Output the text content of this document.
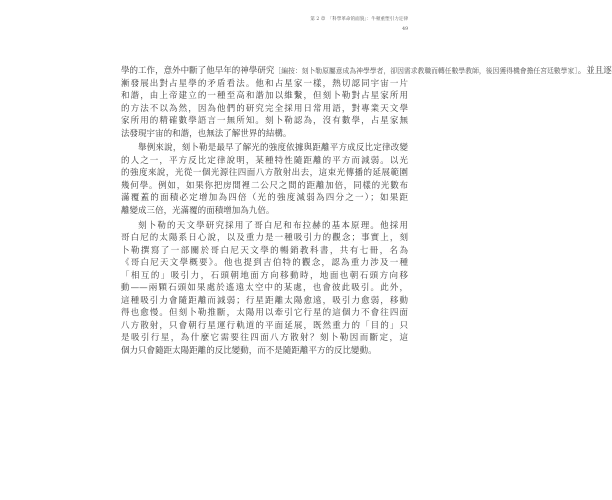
第 2 章　「科學革命的面貌」：牛頓重塑引力定律
49
學的工作，意外中斷了他早年的神學研究［編按：刻卜勒原屬意成為神學學者，卻因需求教職而轉任數學教師，後因獲得機會擔任宮廷數學家］。並且逐
漸發展出對占星學的矛盾看法。他和占星家一樣，熱切認同宇宙一片
和諧，由上帝建立的一種至高和諧加以維繫，但刻卜勒對占星家所用
的方法不以為然，因為他們的研究完全採用日常用語，對專業天文學
家所用的精確數學語言一無所知。刻卜勒認為，沒有數學，占星家無
法發現宇宙的和諧，也無法了解世界的結構。
舉例來說，刻卜勒是最早了解光的強度依據與距離平方成反比定律改變
的人之一，平方反比定律說明，某種特性隨距離的平方而減弱。以光
的強度來說，光從一個光源往四面八方散射出去，這束光傳播的延展範圍
幾何學。例如，如果你把房間裡二公尺之間的距離加倍，同樣的光數布
滿覆蓋的面積必定增加為四倍（光的強度減弱為四分之一）；如果距
離變成三倍，光滿覆的面積增加為九倍。
刻卜勒的天文學研究採用了哥白尼和布拉赫的基本原理。他採用
哥白尼的太陽系日心說，以及重力是一種吸引力的觀念；事實上，刻
卜勒撰寫了一部關於哥白尼天文學的暢銷教科書，共有七冊，名為
《哥白尼天文學概要》。他也提到吉伯特的觀念，認為重力涉及一種
「相互的」吸引力，石頭朝地面方向移動時，地面也朝石頭方向移
動——兩顆石頭如果處於遙遠太空中的某處，也會彼此吸引。此外，
這種吸引力會隨距離而減弱；行星距離太陽愈遠，吸引力愈弱，移動
得也愈慢。但刻卜勒推斷，太陽用以牽引它行星的這個力不會往四面
八方散射，只會朝行星運行軌道的平面延展，既然重力的「目的」只
是吸引行星，為什麼它需要往四面八方散射？刻卜勒因而斷定，這
個力只會隨距太陽距離的反比變動，而不是隨距離平方的反比變動。
